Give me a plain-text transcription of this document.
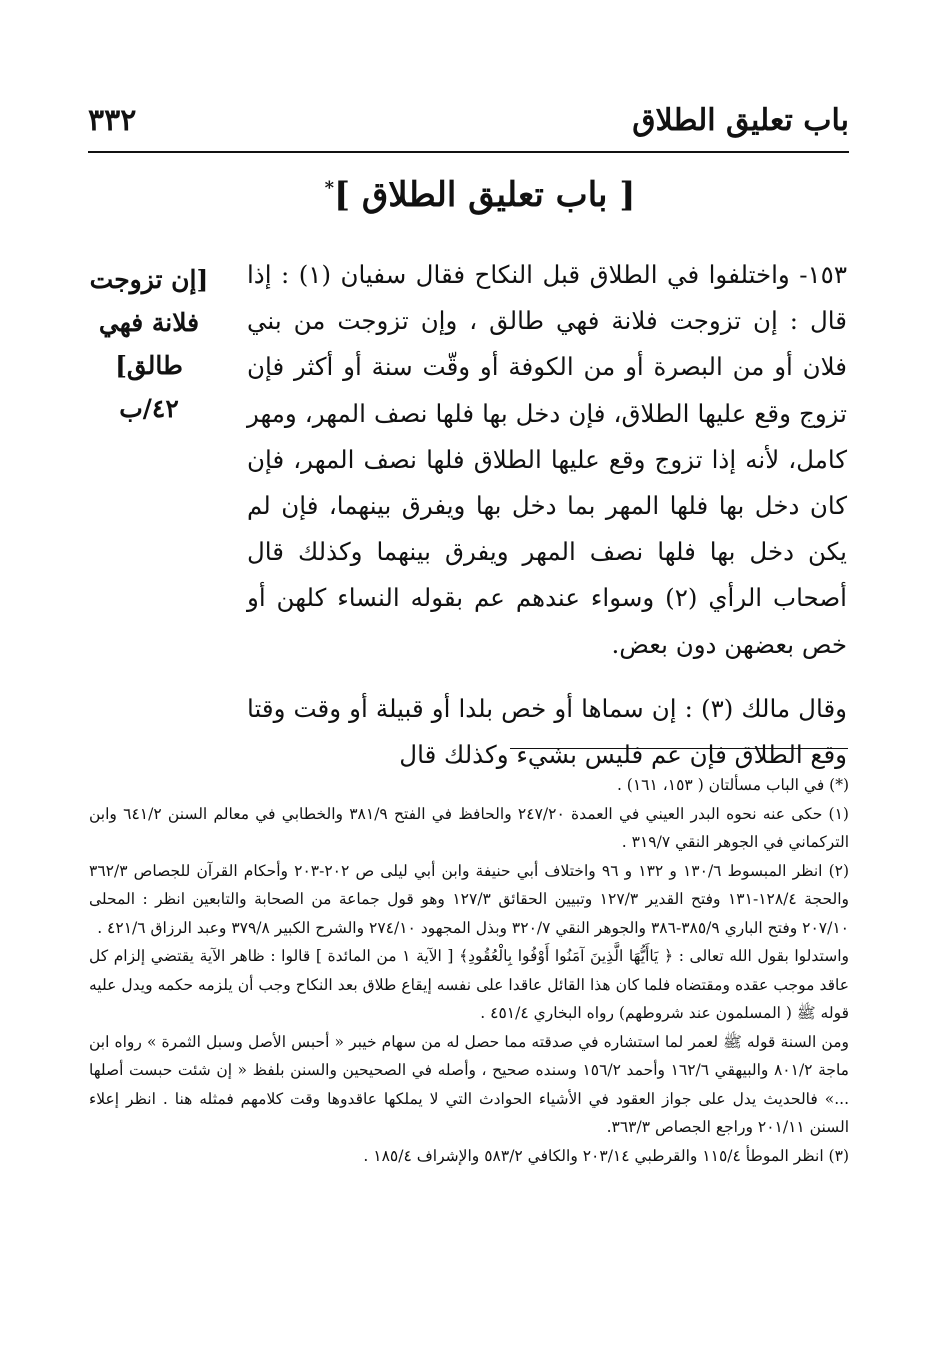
باب تعليق الطلاق
٣٣٢
[ باب تعليق الطلاق ]*

١٥٣- واختلفوا في الطلاق قبل النكاح فقال سفيان (١) : إذا قال : إن تزوجت فلانة فهي طالق ، وإن تزوجت من بني فلان أو من البصرة أو من الكوفة أو وقّت سنة أو أكثر فإن تزوج وقع عليها الطلاق، فإن دخل بها فلها نصف المهر، ومهر كامل، لأنه إذا تزوج وقع عليها الطلاق فلها نصف المهر، فإن كان دخل بها فلها المهر بما دخل بها ويفرق بينهما، فإن لم يكن دخل بها فلها نصف المهر ويفرق بينهما وكذلك قال أصحاب الرأي (٢) وسواء عندهم عم بقوله النساء كلهن أو خص بعضهن دون بعض.

وقال مالك (٣) : إن سماها أو خص بلدا أو قبيلة أو وقت وقتا وقع الطلاق فإن عم فليس بشيء وكذلك قال

[إن تزوجت
فلانة فهي
طالق]
٤٢/ب

(*) في الباب مسألتان ( ١٥٣، ١٦١) .

(١) حكى عنه نحوه البدر العيني في العمدة ٢٤٧/٢٠ والحافظ في الفتح ٣٨١/٩ والخطابي في معالم السنن ٦٤١/٢ وابن التركماني في الجوهر النقي ٣١٩/٧ .

(٢) انظر المبسوط ١٣٠/٦ و ١٣٢ و ٩٦ واختلاف أبي حنيفة وابن أبي ليلى ص ٢٠٢-٢٠٣ وأحكام القرآن للجصاص ٣٦٢/٣ والحجة ١٢٨/٤-١٣١ وفتح القدير ١٢٧/٣ وتبيين الحقائق ١٢٧/٣ وهو قول جماعة من الصحابة والتابعين انظر : المحلى ٢٠٧/١٠ وفتح الباري ٣٨٥/٩-٣٨٦ والجوهر النقي ٣٢٠/٧ وبذل المجهود ٢٧٤/١٠ والشرح الكبير ٣٧٩/٨ وعبد الرزاق ٤٢١/٦ .

واستدلوا بقول الله تعالى : ﴿ يَاأَيُّهَا الَّذِينَ آمَنُوا أَوْفُوا بِالْعُقُودِ﴾ [ الآية ١ من المائدة ] قالوا : ظاهر الآية يقتضي إلزام كل عاقد موجب عقده ومقتضاه فلما كان هذا القائل عاقدا على نفسه إيقاع طلاق بعد النكاح وجب أن يلزمه حكمه ويدل عليه قوله ﷺ ( المسلمون عند شروطهم) رواه البخاري ٤٥١/٤ .

ومن السنة قوله ﷺ لعمر لما استشاره في صدقته مما حصل له من سهام خيبر « أحبس الأصل وسبل الثمرة » رواه ابن ماجة ٨٠١/٢ والبيهقي ١٦٢/٦ وأحمد ١٥٦/٢ وسنده صحيح ، وأصله في الصحيحين والسنن بلفظ « إن شئت حبست أصلها ...» فالحديث يدل على جواز العقود في الأشياء الحوادث التي لا يملكها عاقدوها وقت كلامهم فمثله هنا . انظر إعلاء السنن ٢٠١/١١ وراجع الجصاص ٣٦٣/٣.

(٣) انظر الموطأ ١١٥/٤ والقرطبي ٢٠٣/١٤ والكافي ٥٨٣/٢ والإشراف ١٨٥/٤ .
